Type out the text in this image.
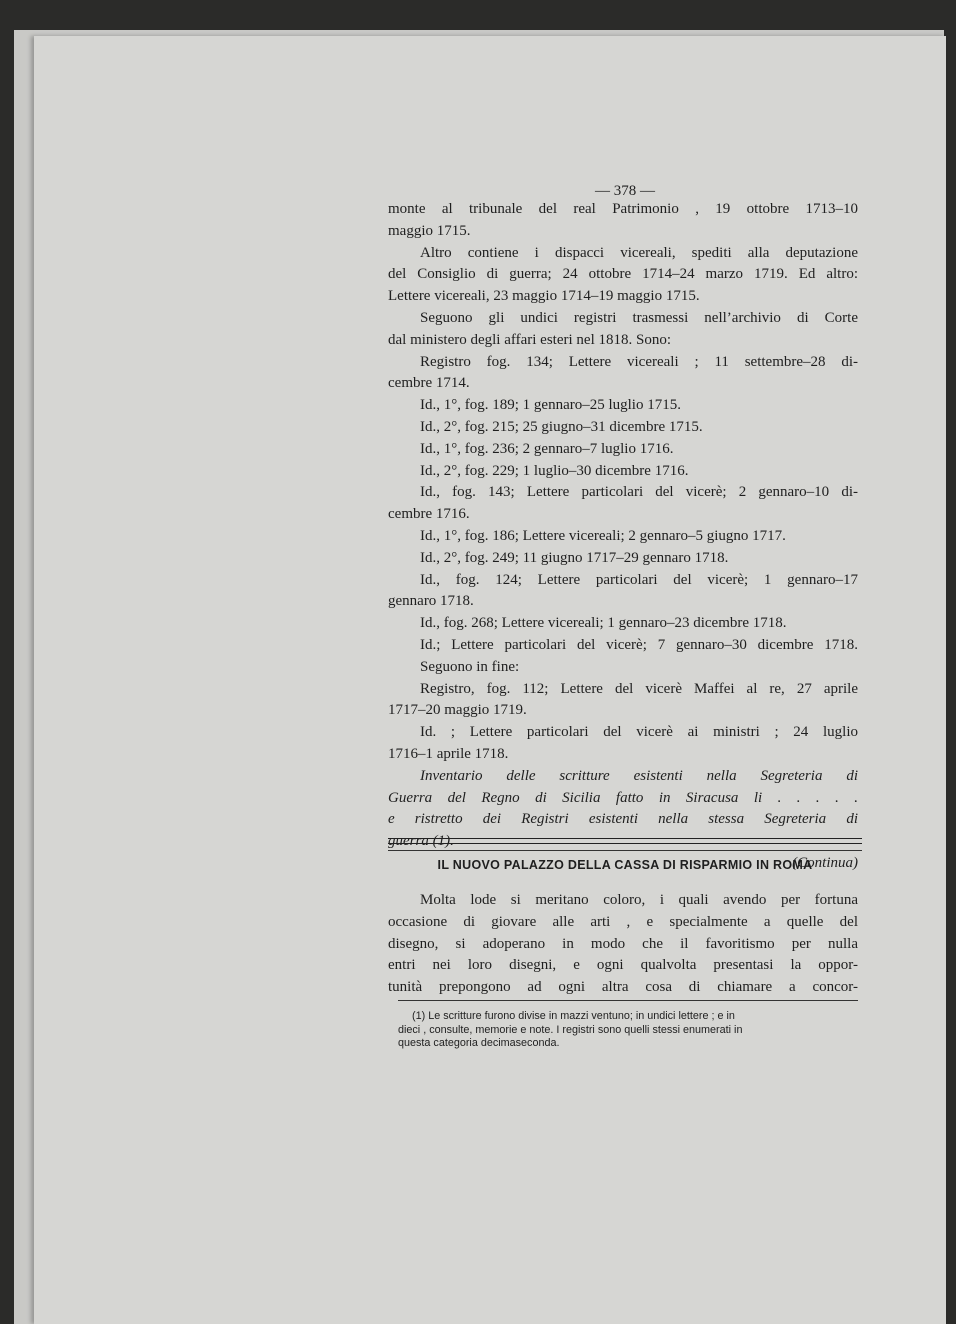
— 378 —
monte al tribunale del real Patrimonio , 19 ottobre 1713–10
maggio 1715.
Altro contiene i dispacci vicereali, spediti alla deputazione
del Consiglio di guerra; 24 ottobre 1714–24 marzo 1719. Ed altro:
Lettere vicereali, 23 maggio 1714–19 maggio 1715.
Seguono gli undici registri trasmessi nell’archivio di Corte
dal ministero degli affari esteri nel 1818. Sono:
Registro fog. 134; Lettere vicereali ; 11 settembre–28 di-
cembre 1714.
Id., 1°, fog. 189; 1 gennaro–25 luglio 1715.
Id., 2°, fog. 215; 25 giugno–31 dicembre 1715.
Id., 1°, fog. 236; 2 gennaro–7 luglio 1716.
Id., 2°, fog. 229; 1 luglio–30 dicembre 1716.
Id., fog. 143; Lettere particolari del vicerè; 2 gennaro–10 di-
cembre 1716.
Id., 1°, fog. 186; Lettere vicereali; 2 gennaro–5 giugno 1717.
Id., 2°, fog. 249; 11 giugno 1717–29 gennaro 1718.
Id., fog. 124; Lettere particolari del vicerè; 1 gennaro–17
gennaro 1718.
Id., fog. 268; Lettere vicereali; 1 gennaro–23 dicembre 1718.
Id.; Lettere particolari del vicerè; 7 gennaro–30 dicembre 1718.
Seguono in fine:
Registro, fog. 112; Lettere del vicerè Maffei al re, 27 aprile
1717–20 maggio 1719.
Id. ; Lettere particolari del vicerè ai ministri ; 24 luglio
1716–1 aprile 1718.
Inventario delle scritture esistenti nella Segreteria di
Guerra del Regno di Sicilia fatto in Siracusa li . . . . .
e ristretto dei Registri esistenti nella stessa Segreteria di
guerra (1).
(Continua)
IL NUOVO PALAZZO DELLA CASSA DI RISPARMIO IN ROMA
Molta lode si meritano coloro, i quali avendo per fortuna
occasione di giovare alle arti , e specialmente a quelle del
disegno, si adoperano in modo che il favoritismo per nulla
entri nei loro disegni, e ogni qualvolta presentasi la oppor-
tunità prepongono ad ogni altra cosa di chiamare a concor-
(1) Le scritture furono divise in mazzi ventuno; in undici lettere ; e in
dieci , consulte, memorie e note. I registri sono quelli stessi enumerati in
questa categoria decimaseconda.
